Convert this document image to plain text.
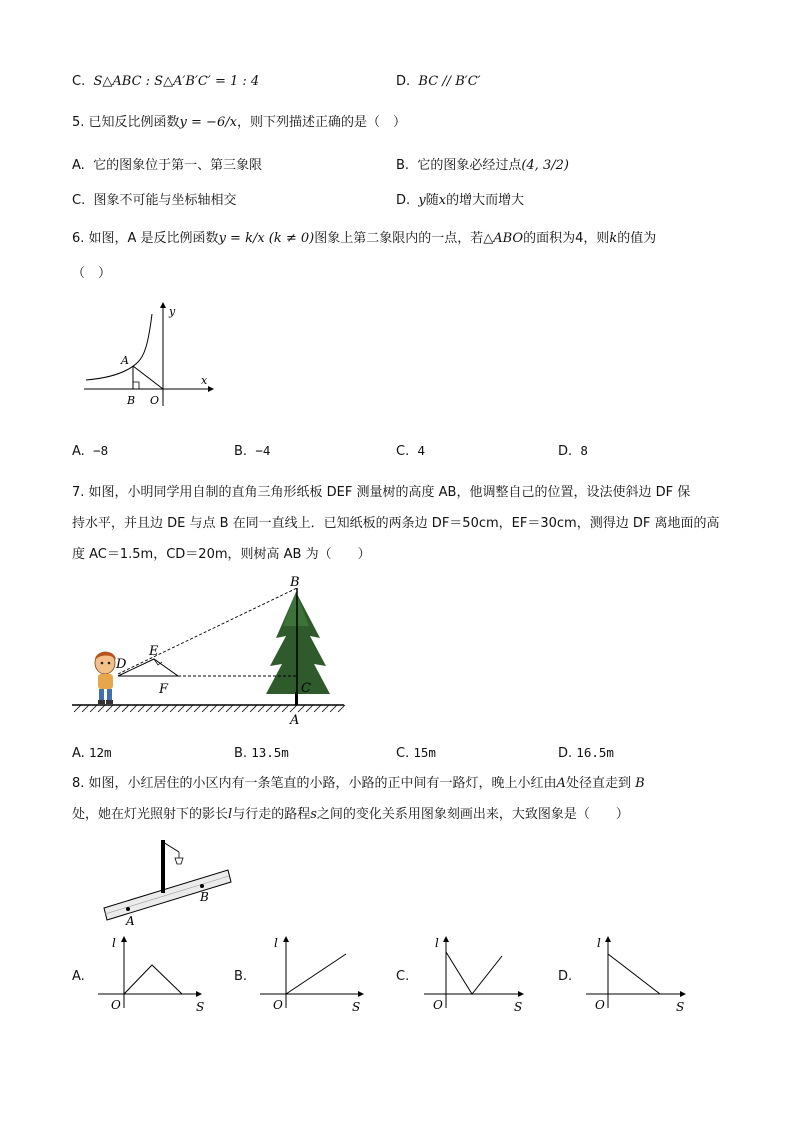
C. S△ABC : S△A′B′C′ = 1 : 4	D. BC // B′C′
5. 已知反比例函数y = −6/x，则下列描述正确的是（　）
A. 它的图象位于第一、第三象限	B. 它的图象必经过点(4, 3/2)
C. 图象不可能与坐标轴相交	D. y随x的增大而增大
6. 如图，A 是反比例函数y = k/x (k ≠ 0)图象上第二象限内的一点，若△ABO的面积为4，则k的值为
（　）
y
x
A
B O
A. −8	B. −4	C. 4	D. 8
7. 如图，小明同学用自制的直角三角形纸板 DEF 测量树的高度 AB，他调整自己的位置，设法使斜边 DF 保
持水平，并且边 DE 与点 B 在同一直线上．已知纸板的两条边 DF＝50cm，EF＝30cm，测得边 DF 离地面的高
度 AC＝1.5m，CD＝20m，则树高 AB 为（　　）
B
E
D
F	C
A
A. 12m	B. 13.5m	C. 15m	D. 16.5m
8. 如图，小红居住的小区内有一条笔直的小路，小路的正中间有一路灯，晚上小红由A处径直走到 B
处，她在灯光照射下的影长l与行走的路程s之间的变化关系用图象刻画出来，大致图象是（　　）
A
B
A.
l
S
O
B.
l
S
O
C.
l
S
O
D.
l
S
O
